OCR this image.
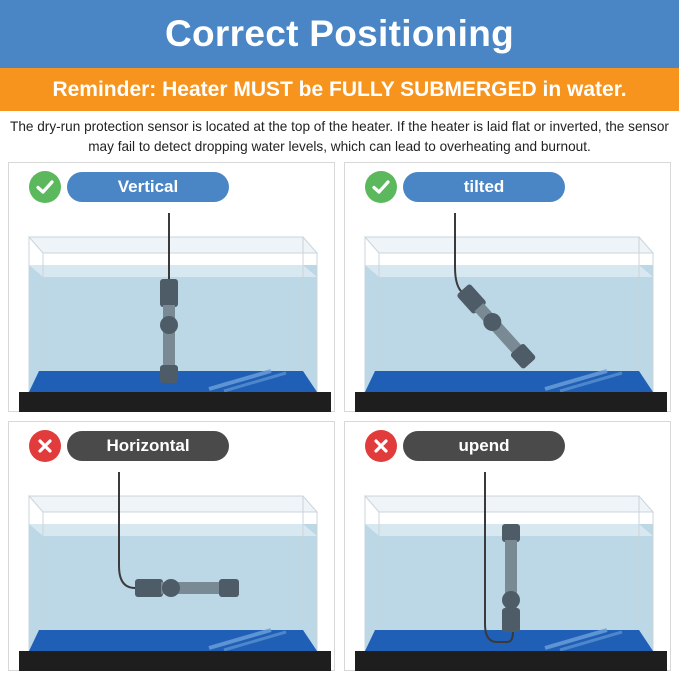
Correct Positioning
Reminder: Heater MUST be FULLY SUBMERGED in water.
The dry-run protection sensor is located at the top of the heater. If the heater is laid flat or inverted, the sensor may fail to detect dropping water levels, which can lead to overheating and burnout.
Vertical	tilted
Horizontal	upend
